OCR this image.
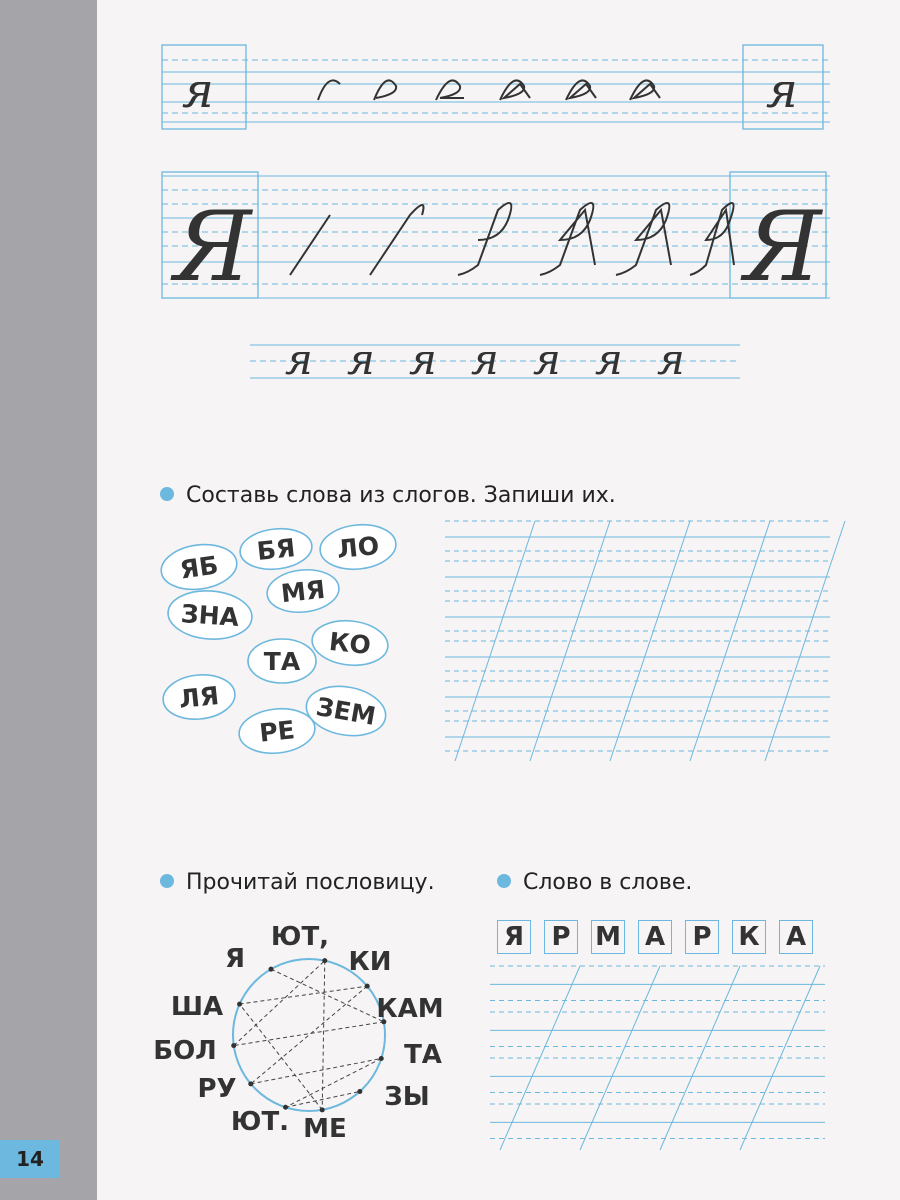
14
я	я
Я	Я
я я я я я я я
Составь слова из слогов. Запиши их.
ЯБ
БЯ ЛО
МЯ
ЗНА
КО
ТА
ЛЯ	ЗЕМ
РЕ
Прочитай пословицу.
Я
ЮТ,
КИ
КАМ
ТА
ЗЫ
МЕ
ЮТ.
РУ
БОЛ
ША
Слово в слове.
Я Р М А Р К А
